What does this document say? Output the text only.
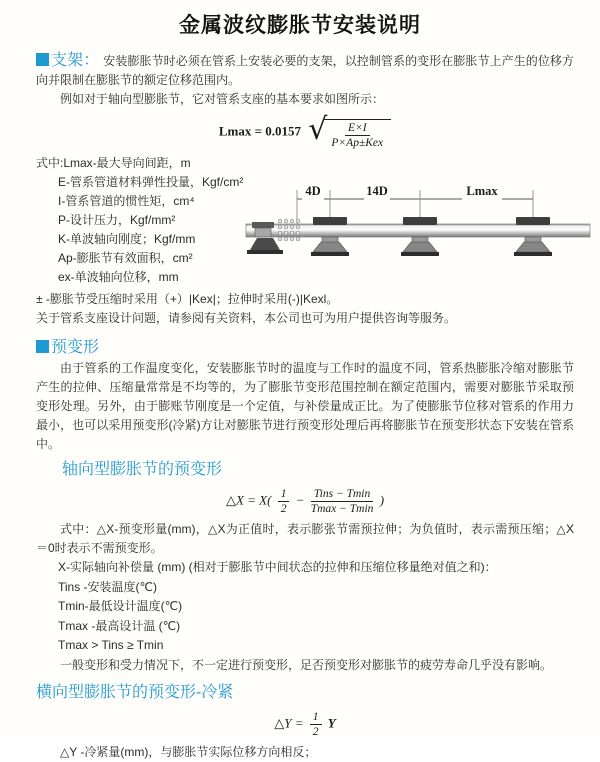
金属波纹膨胀节安装说明

支架： 安装膨胀节时必须在管系上安装必要的支架，以控制管系的变形在膨胀节上产生的位移方向并限制在膨胀节的额定位移范围内。

例如对于轴向型膨胀节，它对管系支座的基本要求如图所示：

Lmax = 0.0157 √ $\frac{E\times I}{\text{P×Ap±Kex}}$
式中:Lmax-最大导向间距，m
E-管系管道材料弹性投量，Kgf/cm²
I-管系管道的惯性矩，cm⁴
P-设计压力，Kgf/mm²
K-单波轴向刚度；Kgf/mm
Ap-膨胀节有效面积，cm²
ex-单波轴向位移，mm
4D	14D	Lmax

± -膨胀节受压缩时采用（+）|Kex|；拉伸时采用(-)|Kexl。

关于管系支座设计问题，请参阅有关资料，本公司也可为用户提供咨询等服务。

预变形

由于管系的工作温度变化，安装膨胀节时的温度与工作时的温度不同，管系热膨胀冷缩对膨胀节产生的拉伸、压缩量常常是不均等的，为了膨胀节变形范围控制在额定范围内，需要对膨胀节采取预变形处理。另外，由于膨账节刚度是一个定值，与补偿量成正比。为了使膨胀节位移对管系的作用力最小，也可以采用预变形(冷紧)方让对膨胀节进行预变形处理后再将膨胀节在预变形状态下安装在管系中。

轴向型膨胀节的预变形
△X = $X( \frac{1}{2} - \frac{\text{Tins − Tmin}}{Tmax - Tmin}$ )

式中：△X-预变形量(mm)，△X为正值时，表示膨张节需预拉伸；为负值时，表示需预压缩；△X＝0时表示不需预变形。

X-实际轴向补偿量 (mm) (相对于膨胀节中间状态的拉伸和压缩位移量绝对值之和)：
Tins -安装温度(℃)
Tmin-最低设计温度(℃)
Tmax -最高设计温 (℃)
Tmax > Tins ≥ Tmin

一般变形和受力情况下，不一定进行预变形，足否预变形对膨胀节的疲劳寿命几乎没有影响。

横向型膨胀节的预变形-冷紧
△Y = $\frac{1}{2}$ Y

△Y -冷紧量(mm)，与膨胀节实际位移方向相反；
